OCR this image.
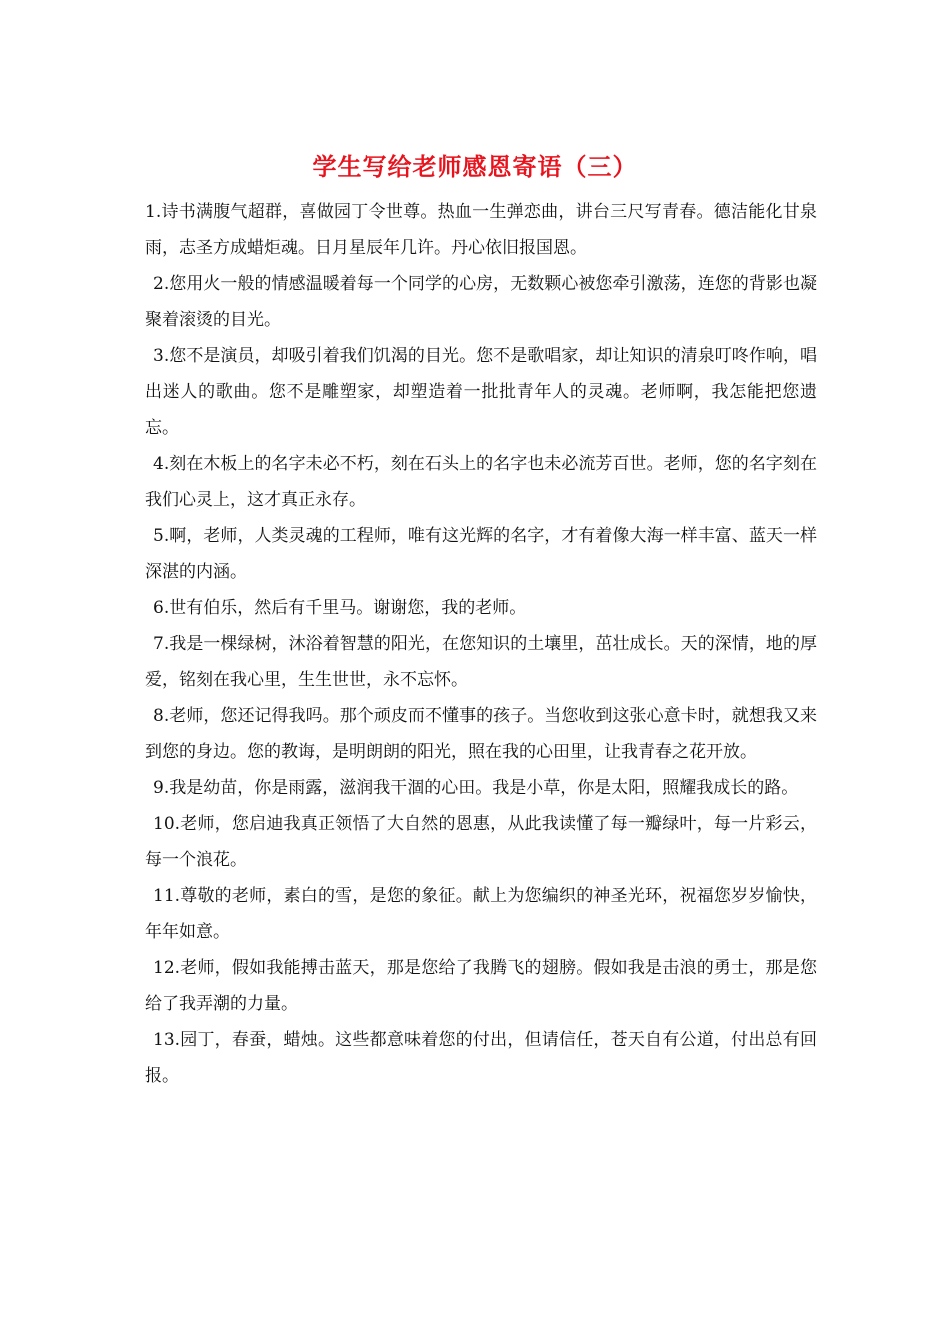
学生写给老师感恩寄语（三）

1.诗书满腹气超群，喜做园丁令世尊。热血一生弹恋曲，讲台三尺写青春。德洁能化甘泉雨，志圣方成蜡炬魂。日月星辰年几许。丹心依旧报国恩。

2.您用火一般的情感温暖着每一个同学的心房，无数颗心被您牵引激荡，连您的背影也凝聚着滚烫的目光。

3.您不是演员，却吸引着我们饥渴的目光。您不是歌唱家，却让知识的清泉叮咚作响，唱出迷人的歌曲。您不是雕塑家，却塑造着一批批青年人的灵魂。老师啊，我怎能把您遗忘。

4.刻在木板上的名字未必不朽，刻在石头上的名字也未必流芳百世。老师，您的名字刻在我们心灵上，这才真正永存。

5.啊，老师，人类灵魂的工程师，唯有这光辉的名字，才有着像大海一样丰富、蓝天一样深湛的内涵。

6.世有伯乐，然后有千里马。谢谢您，我的老师。

7.我是一棵绿树，沐浴着智慧的阳光，在您知识的土壤里，茁壮成长。天的深情，地的厚爱，铭刻在我心里，生生世世，永不忘怀。

8.老师，您还记得我吗。那个顽皮而不懂事的孩子。当您收到这张心意卡时，就想我又来到您的身边。您的教诲，是明朗朗的阳光，照在我的心田里，让我青春之花开放。

9.我是幼苗，你是雨露，滋润我干涸的心田。我是小草，你是太阳，照耀我成长的路。

10.老师，您启迪我真正领悟了大自然的恩惠，从此我读懂了每一瓣绿叶，每一片彩云，每一个浪花。

11.尊敬的老师，素白的雪，是您的象征。献上为您编织的神圣光环，祝福您岁岁愉快，年年如意。

12.老师，假如我能搏击蓝天，那是您给了我腾飞的翅膀。假如我是击浪的勇士，那是您给了我弄潮的力量。

13.园丁，春蚕，蜡烛。这些都意味着您的付出，但请信任，苍天自有公道，付出总有回报。
